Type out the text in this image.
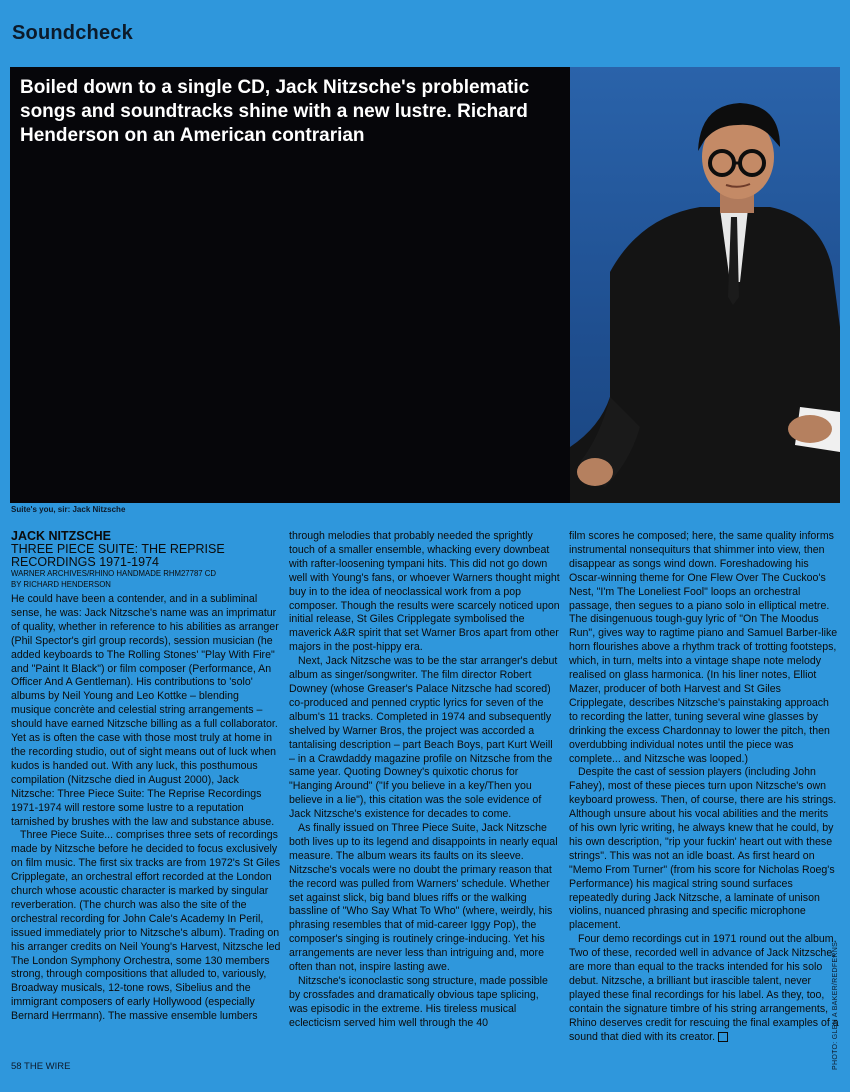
Soundcheck
Boiled down to a single CD, Jack Nitzsche's problematic songs and soundtracks shine with a new lustre. Richard Henderson on an American contrarian
Suite's you, sir: Jack Nitzsche
PHOTO: GLEN A BAKER/REDFERNS
JACK NITZSCHE
THREE PIECE SUITE: THE REPRISE RECORDINGS 1971-1974
WARNER ARCHIVES/RHINO HANDMADE RHM27787 CD
BY RICHARD HENDERSON

He could have been a contender, and in a subliminal sense, he was: Jack Nitzsche's name was an imprimatur of quality, whether in reference to his abilities as arranger (Phil Spector's girl group records), session musician (he added keyboards to The Rolling Stones' "Play With Fire" and "Paint It Black") or film composer (Performance, An Officer And A Gentleman). His contributions to 'solo' albums by Neil Young and Leo Kottke – blending musique concrète and celestial string arrangements – should have earned Nitzsche billing as a full collaborator. Yet as is often the case with those most truly at home in the recording studio, out of sight means out of luck when kudos is handed out. With any luck, this posthumous compilation (Nitzsche died in August 2000), Jack Nitzsche: Three Piece Suite: The Reprise Recordings 1971-1974 will restore some lustre to a reputation tarnished by brushes with the law and substance abuse.

Three Piece Suite... comprises three sets of recordings made by Nitzsche before he decided to focus exclusively on film music. The first six tracks are from 1972's St Giles Cripplegate, an orchestral effort recorded at the London church whose acoustic character is marked by singular reverberation. (The church was also the site of the orchestral recording for John Cale's Academy In Peril, issued immediately prior to Nitzsche's album). Trading on his arranger credits on Neil Young's Harvest, Nitzsche led The London Symphony Orchestra, some 130 members strong, through compositions that alluded to, variously, Broadway musicals, 12-tone rows, Sibelius and the immigrant composers of early Hollywood (especially Bernard Herrmann). The massive ensemble lumbers

through melodies that probably needed the sprightly touch of a smaller ensemble, whacking every downbeat with rafter-loosening tympani hits. This did not go down well with Young's fans, or whoever Warners thought might buy in to the idea of neoclassical work from a pop composer. Though the results were scarcely noticed upon initial release, St Giles Cripplegate symbolised the maverick A&R spirit that set Warner Bros apart from other majors in the post-hippy era.

Next, Jack Nitzsche was to be the star arranger's debut album as singer/songwriter. The film director Robert Downey (whose Greaser's Palace Nitzsche had scored) co-produced and penned cryptic lyrics for seven of the album's 11 tracks. Completed in 1974 and subsequently shelved by Warner Bros, the project was accorded a tantalising description – part Beach Boys, part Kurt Weill – in a Crawdaddy magazine profile on Nitzsche from the same year. Quoting Downey's quixotic chorus for "Hanging Around" ("If you believe in a key/Then you believe in a lie"), this citation was the sole evidence of Jack Nitzsche's existence for decades to come.

As finally issued on Three Piece Suite, Jack Nitzsche both lives up to its legend and disappoints in nearly equal measure. The album wears its faults on its sleeve. Nitzsche's vocals were no doubt the primary reason that the record was pulled from Warners' schedule. Whether set against slick, big band blues riffs or the walking bassline of "Who Say What To Who" (where, weirdly, his phrasing resembles that of mid-career Iggy Pop), the composer's singing is routinely cringe-inducing. Yet his arrangements are never less than intriguing and, more often than not, inspire lasting awe.

Nitzsche's iconoclastic song structure, made possible by crossfades and dramatically obvious tape splicing, was episodic in the extreme. His tireless musical eclecticism served him well through the 40

film scores he composed; here, the same quality informs instrumental nonsequiturs that shimmer into view, then disappear as songs wind down. Foreshadowing his Oscar-winning theme for One Flew Over The Cuckoo's Nest, "I'm The Loneliest Fool" loops an orchestral passage, then segues to a piano solo in elliptical metre. The disingenuous tough-guy lyric of "On The Moodus Run", gives way to ragtime piano and Samuel Barber-like horn flourishes above a rhythm track of trotting footsteps, which, in turn, melts into a vintage shape note melody realised on glass harmonica. (In his liner notes, Elliot Mazer, producer of both Harvest and St Giles Cripplegate, describes Nitzsche's painstaking approach to recording the latter, tuning several wine glasses by drinking the excess Chardonnay to lower the pitch, then overdubbing individual notes until the piece was complete... and Nitzsche was looped.)

Despite the cast of session players (including John Fahey), most of these pieces turn upon Nitzsche's own keyboard prowess. Then, of course, there are his strings. Although unsure about his vocal abilities and the merits of his own lyric writing, he always knew that he could, by his own description, "rip your fuckin' heart out with these strings". This was not an idle boast. As first heard on "Memo From Turner" (from his score for Nicholas Roeg's Performance) his magical string sound surfaces repeatedly during Jack Nitzsche, a laminate of unison violins, nuanced phrasing and specific microphone placement.

Four demo recordings cut in 1971 round out the album. Two of these, recorded well in advance of Jack Nitzsche, are more than equal to the tracks intended for his solo debut. Nitzsche, a brilliant but irascible talent, never played these final recordings for his label. As they, too, contain the signature timbre of his string arrangements, Rhino deserves credit for rescuing the final examples of a sound that died with its creator.

58 THE WIRE
